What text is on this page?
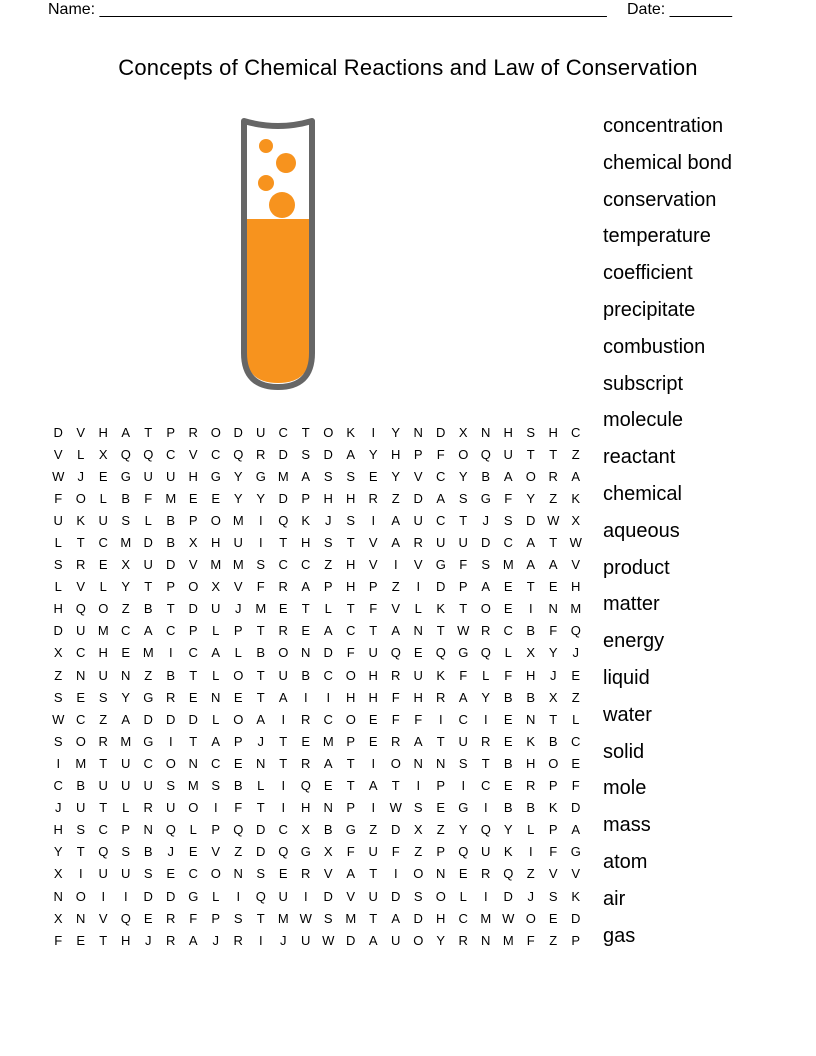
Name: _________________________________________________________ Date: _______
Concepts of Chemical Reactions and Law of Conservation
concentration
chemical bond
conservation
temperature
coefficient
precipitate
combustion
subscript
molecule
reactant
chemical
aqueous
product
matter
energy
liquid
water
solid
mole
mass
atom
air
gas
D	V	H	A	T	P	R	O	D	U	C	T	O	K	I	Y	N	D	X	N	H	S	H	C
V	L	X	Q	Q	C	V	C	Q	R	D	S	D	A	Y	H	P	F	O	Q	U	T	T	Z
W	J	E	G	U	U	H	G	Y	G	M	A	S	S	E	Y	V	C	Y	B	A	O	R	A
F	O	L	B	F	M	E	E	Y	Y	D	P	H	H	R	Z	D	A	S	G	F	Y	Z	K
U	K	U	S	L	B	P	O	M	I	Q	K	J	S	I	A	U	C	T	J	S	D	W	X
L	T	C	M	D	B	X	H	U	I	T	H	S	T	V	A	R	U	U	D	C	A	T	W
S	R	E	X	U	D	V	M	M	S	C	C	Z	H	V	I	V	G	F	S	M	A	A	V
L	V	L	Y	T	P	O	X	V	F	R	A	P	H	P	Z	I	D	P	A	E	T	E	H
H	Q	O	Z	B	T	D	U	J	M	E	T	L	T	F	V	L	K	T	O	E	I	N	M
D	U	M	C	A	C	P	L	P	T	R	E	A	C	T	A	N	T	W	R	C	B	F	Q
X	C	H	E	M	I	C	A	L	B	O	N	D	F	U	Q	E	Q	G	Q	L	X	Y	J
Z	N	U	N	Z	B	T	L	O	T	U	B	C	O	H	R	U	K	F	L	F	H	J	E
S	E	S	Y	G	R	E	N	E	T	A	I	I	H	H	F	H	R	A	Y	B	B	X	Z
W	C	Z	A	D	D	D	L	O	A	I	R	C	O	E	F	F	I	C	I	E	N	T	L
S	O	R	M	G	I	T	A	P	J	T	E	M	P	E	R	A	T	U	R	E	K	B	C
I	M	T	U	C	O	N	C	E	N	T	R	A	T	I	O	N	N	S	T	B	H	O	E
C	B	U	U	U	S	M	S	B	L	I	Q	E	T	A	T	I	P	I	C	E	R	P	F
J	U	T	L	R	U	O	I	F	T	I	H	N	P	I	W	S	E	G	I	B	B	K	D
H	S	C	P	N	Q	L	P	Q	D	C	X	B	G	Z	D	X	Z	Y	Q	Y	L	P	A
Y	T	Q	S	B	J	E	V	Z	D	Q	G	X	F	U	F	Z	P	Q	U	K	I	F	G
X	I	U	U	S	E	C	O	N	S	E	R	V	A	T	I	O	N	E	R	Q	Z	V	V
N	O	I	I	D	D	G	L	I	Q	U	I	D	V	U	D	S	O	L	I	D	J	S	K
X	N	V	Q	E	R	F	P	S	T	M	W	S	M	T	A	D	H	C	M	W	O	E	D
F	E	T	H	J	R	A	J	R	I	J	U	W	D	A	U	O	Y	R	N	M	F	Z	P
